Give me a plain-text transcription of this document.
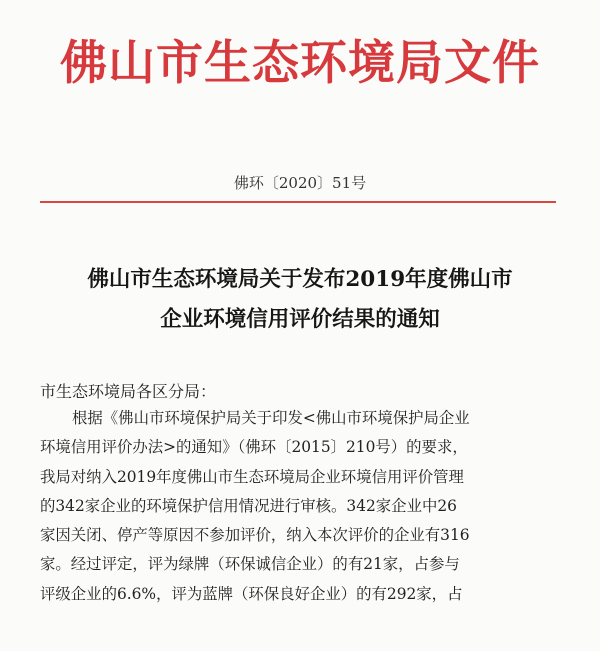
佛山市生态环境局文件
佛环〔2020〕51号
佛山市生态环境局关于发布2019年度佛山市
企业环境信用评价结果的通知
市生态环境局各区分局：
根据《佛山市环境保护局关于印发<佛山市环境保护局企业
环境信用评价办法>的通知》（佛环〔2015〕210号）的要求，
我局对纳入2019年度佛山市生态环境局企业环境信用评价管理
的342家企业的环境保护信用情况进行审核。342家企业中26
家因关闭、停产等原因不参加评价，纳入本次评价的企业有316
家。经过评定，评为绿牌（环保诚信企业）的有21家，占参与
评级企业的6.6%，评为蓝牌（环保良好企业）的有292家，占
